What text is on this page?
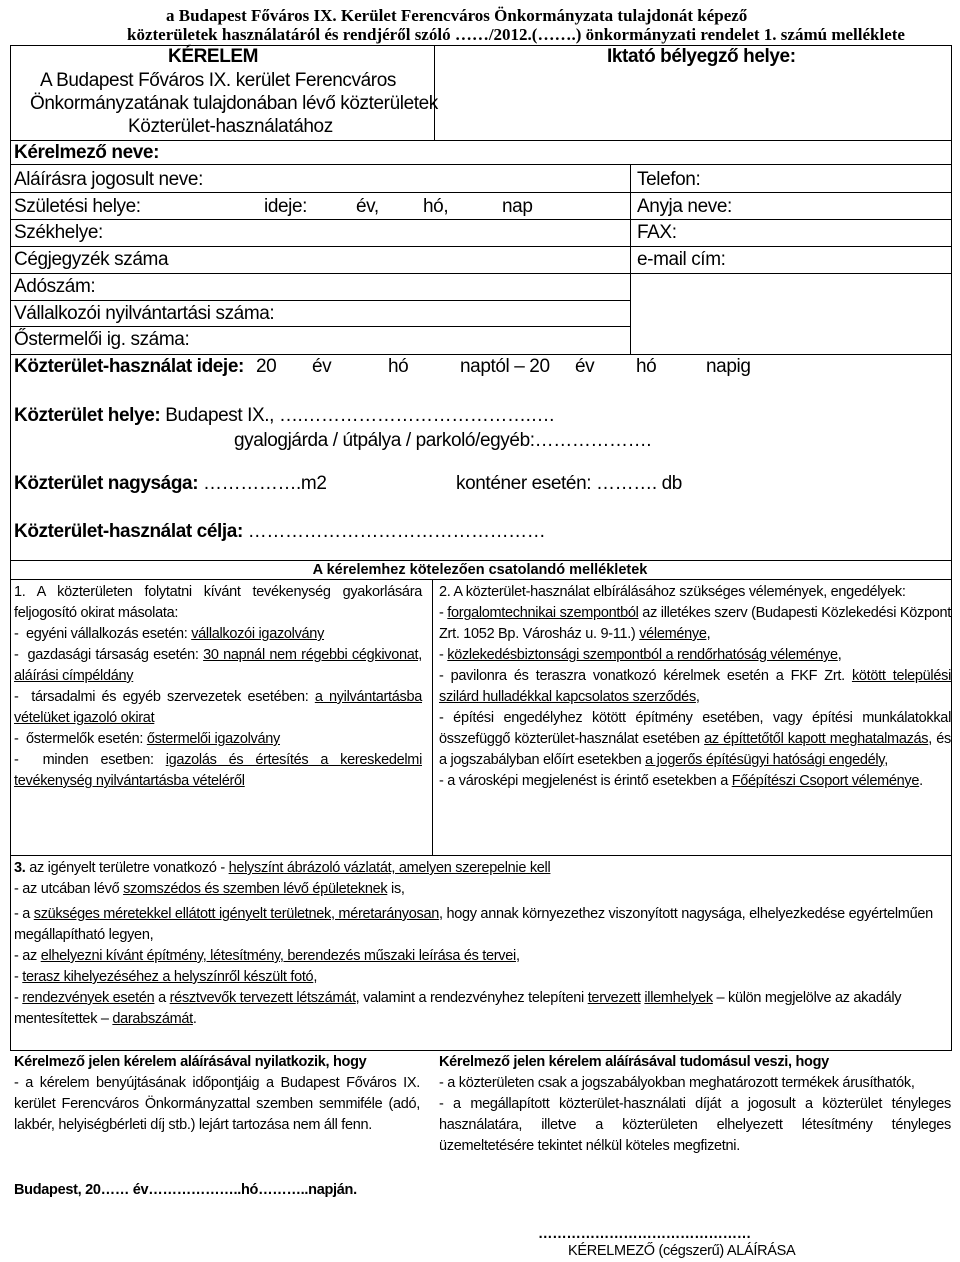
a Budapest Főváros IX. Kerület Ferencváros Önkormányzata tulajdonát képező
közterületek használatáról és rendjéről szóló ……/2012.(…….) önkormányzati rendelet 1. számú melléklete
KÉRELEM	Iktató bélyegző helye:
A Budapest Főváros IX. kerület Ferencváros
Önkormányzatának tulajdonában lévő közterületek
Közterület-használatához
Kérelmező neve:
Aláírásra jogosult neve:	Telefon:
Születési helye:	ideje:	év, hó,	nap	Anyja neve:
Székhelye:	FAX:
Cégjegyzék száma	e-mail cím:
Adószám:
Vállalkozói nyilvántartási száma:
Őstermelői ig. száma:
Közterület-használat ideje: 20 év	hó	naptól – 20 év hó	napig
Közterület helye: Budapest IX., ….……………………………….….
gyalogjárda / útpálya / parkoló/egyéb:……………….
Közterület nagysága: …………….m2	konténer esetén: ………. db
Közterület-használat célja: …………………………………………
A kérelemhez kötelezően csatolandó mellékletek
1. A közterületen folytatni kívánt tevékenység gyakorlására feljogosító okirat másolata:
-  egyéni vállalkozás esetén: vállalkozói igazolvány
-  gazdasági társaság esetén: 30 napnál nem régebbi cégkivonat, aláírási címpéldány
-  társadalmi és egyéb szervezetek esetében: a nyilvántartásba vételüket igazoló okirat
-  őstermelők esetén: őstermelői igazolvány
-  minden esetben: igazolás és értesítés a kereskedelmi tevékenység nyilvántartásba vételéről
2. A közterület-használat elbírálásához szükséges vélemények, engedélyek:
- forgalomtechnikai szempontból az illetékes szerv (Budapesti Közlekedési Központ Zrt. 1052 Bp. Városház u. 9-11.) véleménye,
- közlekedésbiztonsági szempontból a rendőrhatóság véleménye,
- pavilonra és teraszra vonatkozó kérelmek esetén a FKF Zrt. kötött települési szilárd hulladékkal kapcsolatos szerződés,
- építési engedélyhez kötött építmény esetében, vagy építési munkálatokkal összefüggő közterület-használat esetében az építtetőtől kapott meghatalmazás, és a jogszabályban előírt esetekben a jogerős építésügyi hatósági engedély,
- a városképi megjelenést is érintő esetekben a Főépítészi Csoport véleménye.
3. az igényelt területre vonatkozó - helyszínt ábrázoló vázlatát, amelyen szerepelnie kell
- az utcában lévő szomszédos és szemben lévő épületeknek is,
- a szükséges méretekkel ellátott igényelt területnek, méretarányosan, hogy annak környezethez viszonyított nagysága, elhelyezkedése egyértelműen megállapítható legyen,
- az elhelyezni kívánt építmény, létesítmény, berendezés műszaki leírása és tervei,
- terasz kihelyezéséhez a helyszínről készült fotó,
- rendezvények esetén a résztvevők tervezett létszámát, valamint a rendezvényhez telepíteni tervezett illemhelyek – külön megjelölve az akadály mentesítettek – darabszámát.
Kérelmező jelen kérelem aláírásával nyilatkozik, hogy
- a kérelem benyújtásának időpontjáig a Budapest Főváros IX. kerület Ferencváros Önkormányzattal szemben semmiféle (adó, lakbér, helyiségbérleti díj stb.) lejárt tartozása nem áll fenn.
Kérelmező jelen kérelem aláírásával tudomásul veszi, hogy
- a közterületen csak a jogszabályokban meghatározott termékek árusíthatók,
- a megállapított közterület-használati díját a jogosult a közterület tényleges használatára, illetve a közterületen elhelyezett létesítmény tényleges üzemeltetésére tekintet nélkül köteles megfizetni.
Budapest, 20…… év………………..hó………..napján.
………………………………………
KÉRELMEZŐ (cégszerű) ALÁÍRÁSA
